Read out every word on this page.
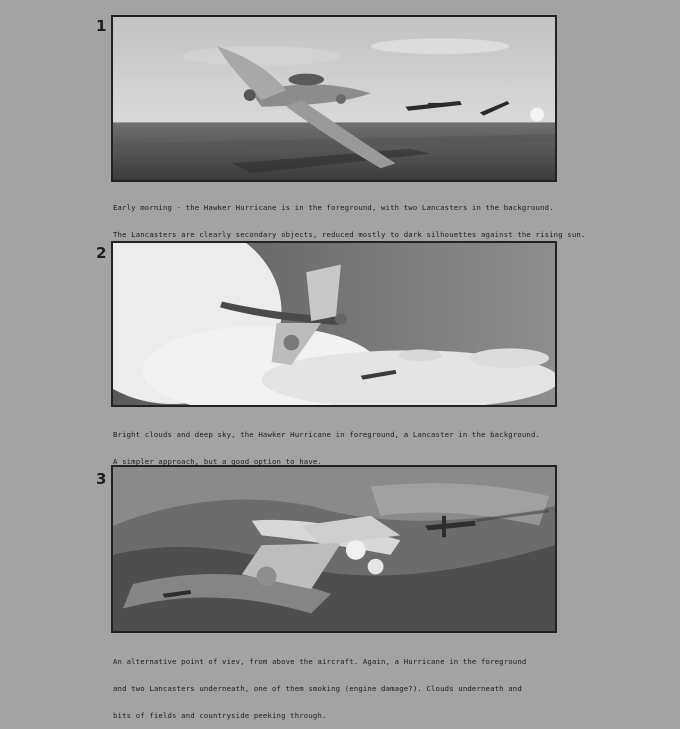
1

Early morning - the Hawker Hurricane is in the foreground, with two Lancasters in the background.

The Lancasters are clearly secondary objects, reduced mostly to dark silhouettes against the rising sun.

2

Bright clouds and deep sky, the Hawker Hurricane in foreground, a Lancaster in the background.

A simpler approach, but a good option to have.

3

An alternative point of viev, from above the aircraft. Again, a Hurricane in the foreground

and two Lancasters underneath, one of them smoking (engine damage?). Clouds underneath and

bits of fields and countryside peeking through.
